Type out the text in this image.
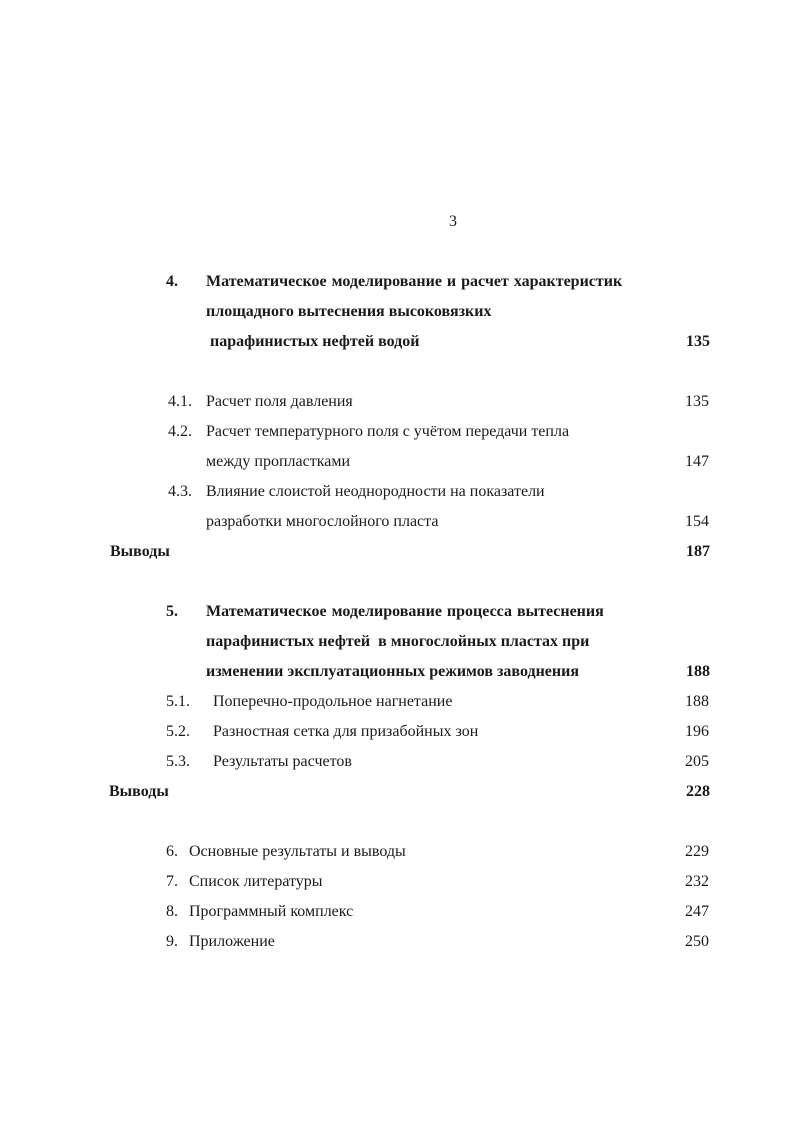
3
4. Математическое моделирование и расчет характеристик
площадного вытеснения высоковязких
парафинистых нефтей водой	135
4.1. Расчет поля давления	135
4.2. Расчет температурного поля с учётом передачи тепла
между пропластками	147
4.3. Влияние слоистой неоднородности на показатели
разработки многослойного пласта	154
Выводы	187
5. Математическое моделирование процесса вытеснения
парафинистых нефтей  в многослойных пластах при
изменении эксплуатационных режимов заводнения	188
5.1. Поперечно-продольное нагнетание	188
5.2. Разностная сетка для призабойных зон	196
5.3. Результаты расчетов	205
Выводы	228
6. Основные результаты и выводы	229
7. Список литературы	232
8. Программный комплекс	247
9. Приложение	250
